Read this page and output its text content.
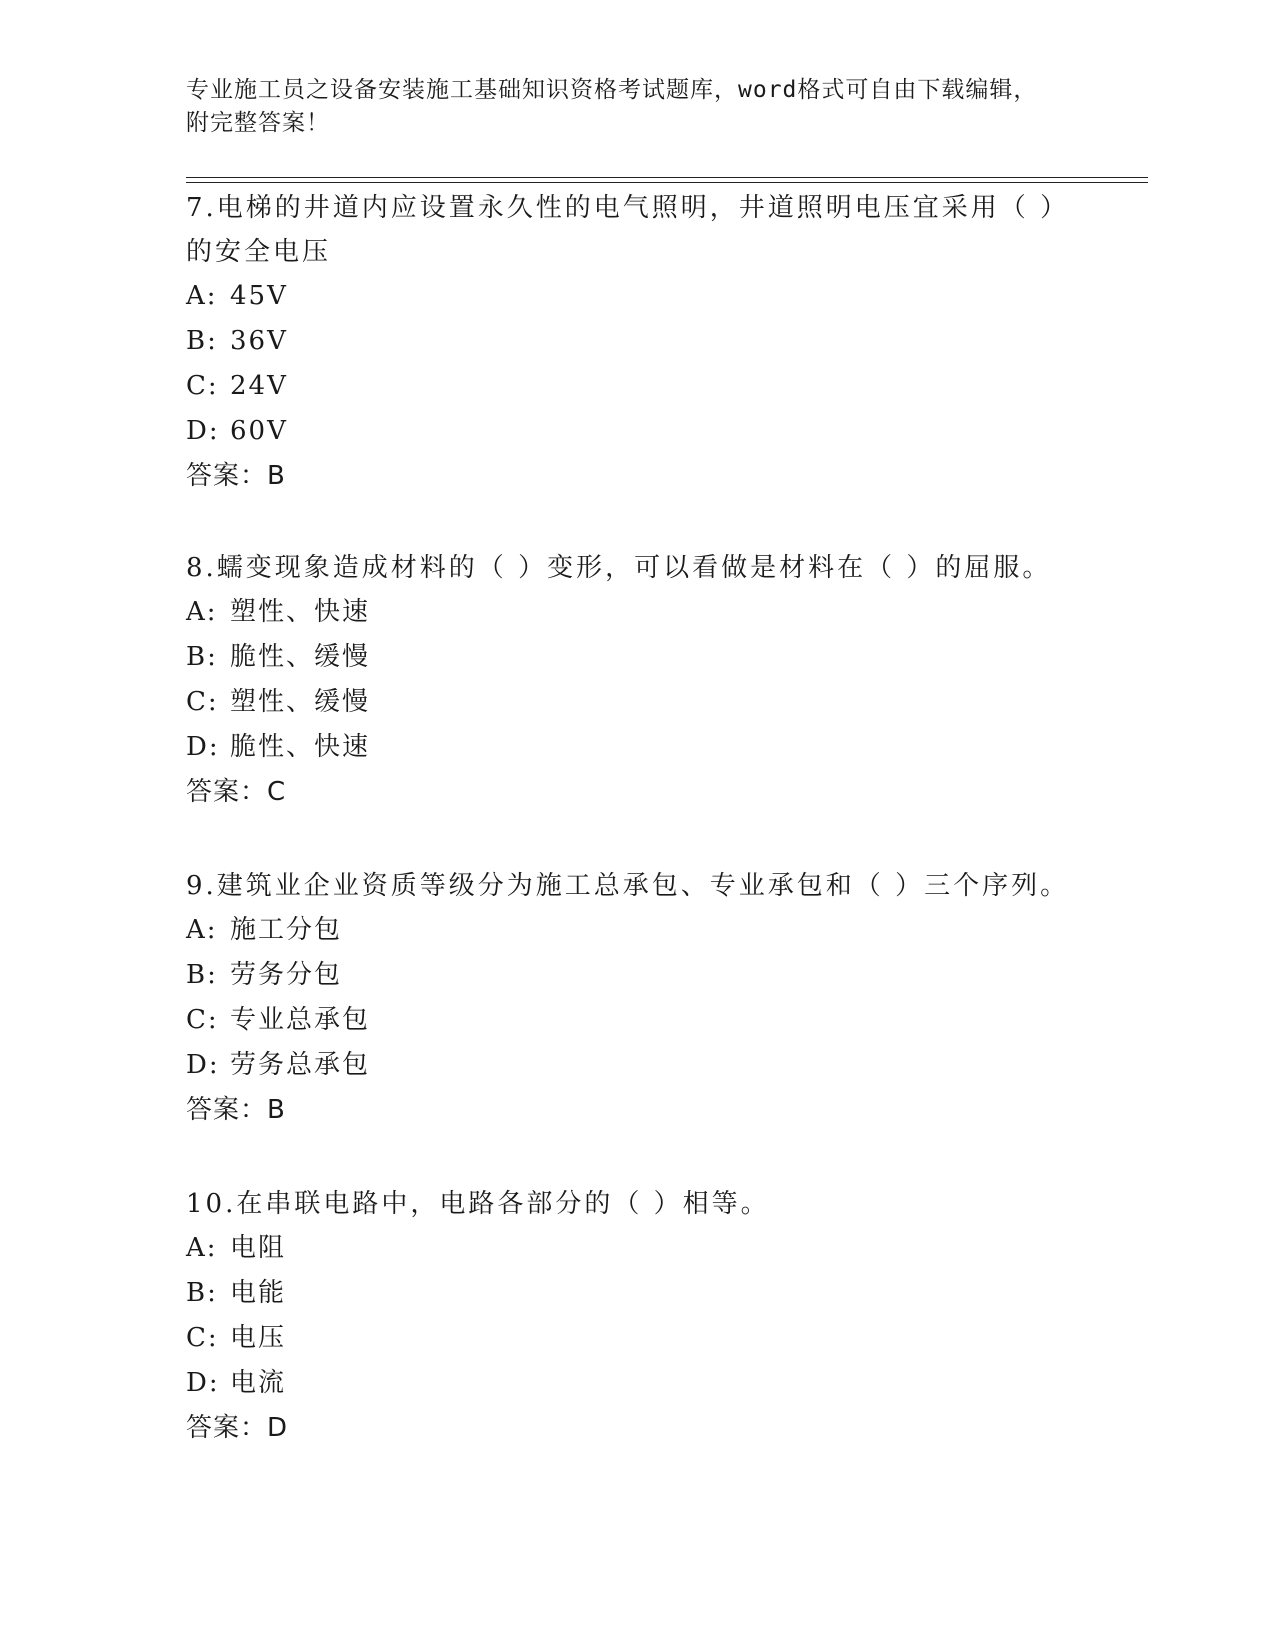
专业施工员之设备安装施工基础知识资格考试题库，word格式可自由下载编辑，
附完整答案！

7.电梯的井道内应设置永久性的电气照明，井道照明电压宜采用（ ）
的安全电压

A: 45V

B: 36V

C: 24V

D: 60V

答案：B

8.蠕变现象造成材料的（ ）变形，可以看做是材料在（ ）的屈服。

A: 塑性、快速

B: 脆性、缓慢

C: 塑性、缓慢

D: 脆性、快速

答案：C

9.建筑业企业资质等级分为施工总承包、专业承包和（ ）三个序列。

A: 施工分包

B: 劳务分包

C: 专业总承包

D: 劳务总承包

答案：B

10.在串联电路中，电路各部分的（ ）相等。

A: 电阻

B: 电能

C: 电压

D: 电流

答案：D
